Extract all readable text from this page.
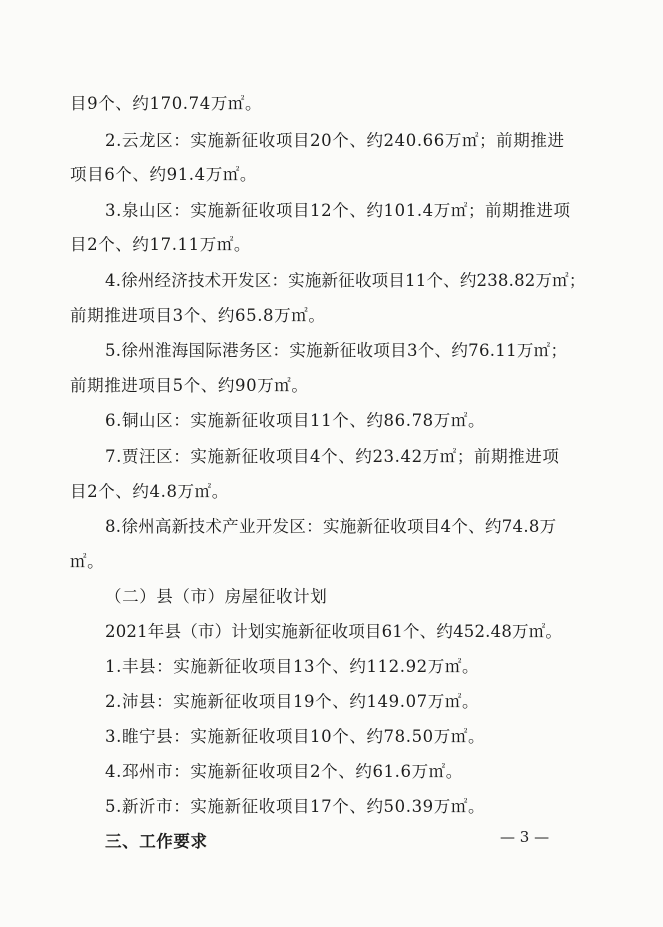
目9个、约170.74万㎡。
2.云龙区：实施新征收项目20个、约240.66万㎡；前期推进
项目6个、约91.4万㎡。
3.泉山区：实施新征收项目12个、约101.4万㎡；前期推进项
目2个、约17.11万㎡。
4.徐州经济技术开发区：实施新征收项目11个、约238.82万㎡；
前期推进项目3个、约65.8万㎡。
5.徐州淮海国际港务区：实施新征收项目3个、约76.11万㎡；
前期推进项目5个、约90万㎡。
6.铜山区：实施新征收项目11个、约86.78万㎡。
7.贾汪区：实施新征收项目4个、约23.42万㎡；前期推进项
目2个、约4.8万㎡。
8.徐州高新技术产业开发区：实施新征收项目4个、约74.8万
㎡。
（二）县（市）房屋征收计划
2021年县（市）计划实施新征收项目61个、约452.48万㎡。
1.丰县：实施新征收项目13个、约112.92万㎡。
2.沛县：实施新征收项目19个、约149.07万㎡。
3.睢宁县：实施新征收项目10个、约78.50万㎡。
4.邳州市：实施新征收项目2个、约61.6万㎡。
5.新沂市：实施新征收项目17个、约50.39万㎡。
三、工作要求	— 3 —
